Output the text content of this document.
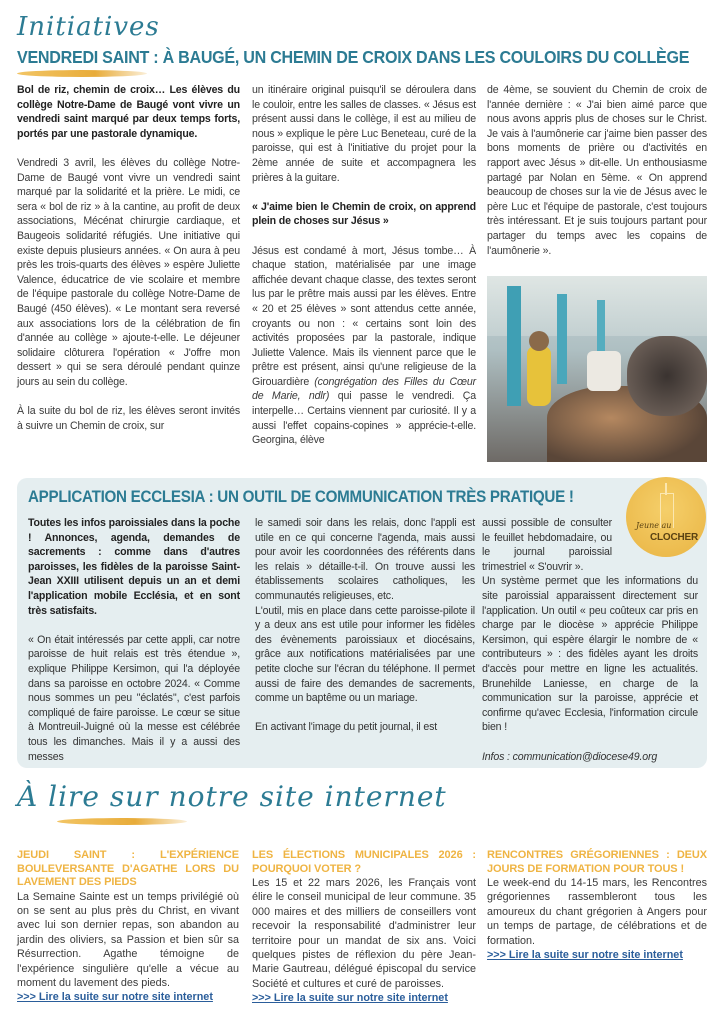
Initiatives
VENDREDI SAINT : À BAUGÉ, UN CHEMIN DE CROIX DANS LES COULOIRS DU COLLÈGE

Bol de riz, chemin de croix… Les élèves du collège Notre-Dame de Baugé vont vivre un vendredi saint marqué par deux temps forts, portés par une pastorale dynamique.

Vendredi 3 avril, les élèves du collège Notre-Dame de Baugé vont vivre un vendredi saint marqué par la solidarité et la prière. Le midi, ce sera « bol de riz » à la cantine, au profit de deux associations, Mécénat chirurgie cardiaque, et Baugeois solidarité réfugiés. Une initiative qui existe depuis plusieurs années. « On aura à peu près les trois-quarts des élèves » espère Juliette Valence, éducatrice de vie scolaire et membre de l'équipe pastorale du collège Notre-Dame de Baugé (450 élèves). « Le montant sera reversé aux associations lors de la célébration de fin d'année au collège » ajoute-t-elle. Le déjeuner solidaire clôturera l'opération « J'offre mon dessert » qui se sera déroulé pendant quinze jours au sein du collège.

À la suite du bol de riz, les élèves seront invités à suivre un Chemin de croix, sur

un itinéraire original puisqu'il se déroulera dans le couloir, entre les salles de classes. « Jésus est présent aussi dans le collège, il est au milieu de nous » explique le père Luc Beneteau, curé de la paroisse, qui est à l'initiative du projet pour la 2ème année de suite et accompagnera les prières à la guitare.

« J'aime bien le Chemin de croix, on apprend plein de choses sur Jésus »

Jésus est condamé à mort, Jésus tombe… À chaque station, matérialisée par une image affichée devant chaque classe, des textes seront lus par le prêtre mais aussi par les élèves. Entre « 20 et 25 élèves » sont attendus cette année, croyants ou non : « certains sont loin des activités proposées par la pastorale, indique Juliette Valence. Mais ils viennent parce que le prêtre est présent, ainsi qu'une religieuse de la Girouardière (congrégation des Filles du Cœur de Marie, ndlr) qui passe le vendredi. Ça interpelle… Certains viennent par curiosité. Il y a aussi l'effet copains-copines » apprécie-t-elle. Georgina, élève

de 4ème, se souvient du Chemin de croix de l'année dernière : « J'ai bien aimé parce que nous avons appris plus de choses sur le Christ. Je vais à l'aumônerie car j'aime bien passer des bons moments de prière ou d'activités en rapport avec Jésus » dit-elle. Un enthousiasme partagé par Nolan en 5ème. « On apprend beaucoup de choses sur la vie de Jésus avec le père Luc et l'équipe de pastorale, c'est toujours très intéressant. Et je suis toujours partant pour partager du temps avec les copains de l'aumônerie ».

APPLICATION ECCLESIA : UN OUTIL DE COMMUNICATION TRÈS PRATIQUE !
Jeune au
CLOCHER

Toutes les infos paroissiales dans la poche ! Annonces, agenda, demandes de sacrements : comme dans d'autres paroisses, les fidèles de la paroisse Saint-Jean XXIII utilisent depuis un an et demi l'application mobile Ecclésia, et en sont très satisfaits.

« On était intéressés par cette appli, car notre paroisse de huit relais est très étendue », explique Philippe Kersimon, qui l'a déployée dans sa paroisse en octobre 2024. « Comme nous sommes un peu ''éclatés'', c'est parfois compliqué de faire paroisse. Le cœur se situe à Montreuil-Juigné où la messe est célébrée tous les dimanches. Mais il y a aussi des messes

le samedi soir dans les relais, donc l'appli est utile en ce qui concerne l'agenda, mais aussi pour avoir les coordonnées des référents dans les relais » détaille-t-il. On trouve aussi les établissements scolaires catholiques, les communautés religieuses, etc.

L'outil, mis en place dans cette paroisse-pilote il y a deux ans est utile pour informer les fidèles des évènements paroissiaux et diocésains, grâce aux notifications matérialisées par une petite cloche sur l'écran du téléphone. Il permet aussi de faire des demandes de sacrements, comme un baptême ou un mariage.

En activant l'image du petit journal, il est

aussi possible de consulter le feuillet hebdomadaire, ou le journal paroissial trimestriel « S'ouvrir ».

Un système permet que les informations du site paroissial apparaissent directement sur l'application. Un outil « peu coûteux car pris en charge par le diocèse » apprécie Philippe Kersimon, qui espère élargir le nombre de « contributeurs » : des fidèles ayant les droits d'accès pour mettre en ligne les actualités. Brunehilde Laniesse, en charge de la communication sur la paroisse, apprécie et confirme qu'avec Ecclesia, l'information circule bien !

Infos : communication@diocese49.org

À lire sur notre site internet
JEUDI SAINT : L'EXPÉRIENCE BOULEVERSANTE D'AGATHE LORS DU LAVEMENT DES PIEDS
La Semaine Sainte est un temps privilégié où on se sent au plus près du Christ, en vivant avec lui son dernier repas, son abandon au jardin des oliviers, sa Passion et bien sûr sa Résurrection. Agathe témoigne de l'expérience singulière qu'elle a vécue au moment du lavement des pieds.
>>> Lire la suite sur notre site internet
LES ÉLECTIONS MUNICIPALES 2026 : POURQUOI VOTER ?
Les 15 et 22 mars 2026, les Français vont élire le conseil municipal de leur commune. 35 000 maires et des milliers de conseillers vont recevoir la responsabilité d'administrer leur territoire pour un mandat de six ans. Voici quelques pistes de réflexion du père Jean-Marie Gautreau, délégué épiscopal du service Société et cultures et curé de paroisses.
>>> Lire la suite sur notre site internet
RENCONTRES GRÉGORIENNES : DEUX JOURS DE FORMATION POUR TOUS !
Le week-end du 14-15 mars, les Rencontres grégoriennes rassembleront tous les amoureux du chant grégorien à Angers pour un temps de partage, de célébrations et de formation.
>>> Lire la suite sur notre site internet
